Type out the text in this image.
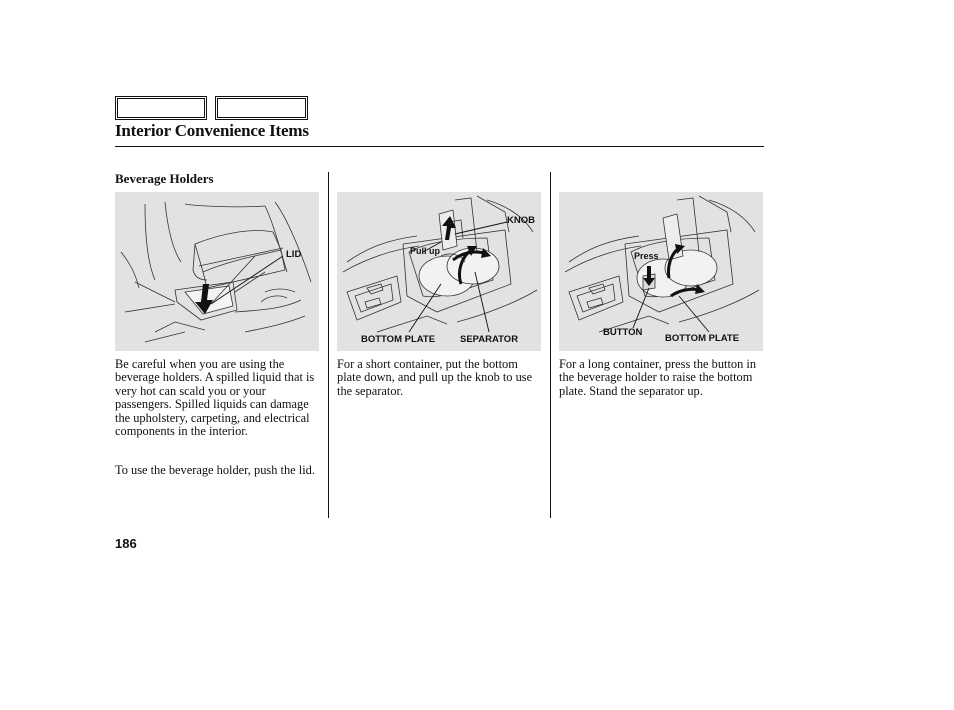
Interior Convenience Items
Beverage Holders
LID
KNOB
Pull up
BOTTOM PLATE	SEPARATOR
Press
BUTTON
BOTTOM PLATE
Be careful when you are using the beverage holders. A spilled liquid that is very hot can scald you or your passengers. Spilled liquids can damage the upholstery, carpeting, and electrical components in the interior.
To use the beverage holder, push the lid.
For a short container, put the bottom plate down, and pull up the knob to use the separator.
For a long container, press the button in the beverage holder to raise the bottom plate. Stand the separator up.
186
